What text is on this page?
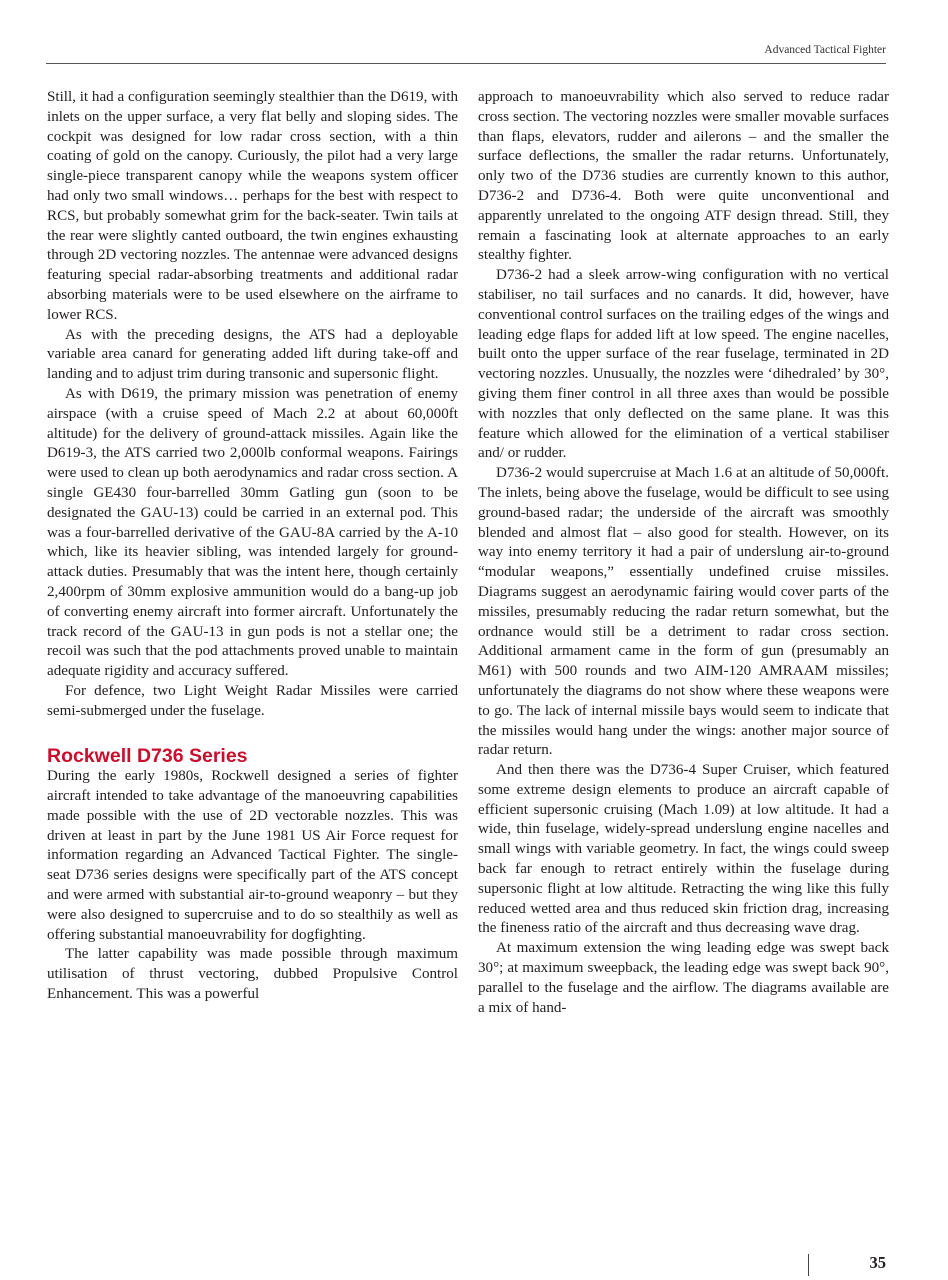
Advanced Tactical Fighter

Still, it had a configuration seemingly stealthier than the D619, with inlets on the upper surface, a very flat belly and sloping sides. The cockpit was designed for low radar cross section, with a thin coating of gold on the canopy. Curiously, the pilot had a very large single-piece transparent canopy while the weapons system officer had only two small windows… perhaps for the best with respect to RCS, but probably somewhat grim for the back-seater. Twin tails at the rear were slightly canted outboard, the twin engines exhausting through 2D vectoring nozzles. The antennae were advanced designs featuring special radar-absorbing treatments and additional radar absorbing materials were to be used elsewhere on the airframe to lower RCS.

As with the preceding designs, the ATS had a deployable variable area canard for generating added lift during take-off and landing and to adjust trim during transonic and supersonic flight.

As with D619, the primary mission was penetration of enemy airspace (with a cruise speed of Mach 2.2 at about 60,000ft altitude) for the delivery of ground-attack missiles. Again like the D619-3, the ATS carried two 2,000lb conformal weapons. Fairings were used to clean up both aerodynamics and radar cross section. A single GE430 four-barrelled 30mm Gatling gun (soon to be designated the GAU-13) could be carried in an external pod. This was a four-barrelled derivative of the GAU-8A carried by the A-10 which, like its heavier sibling, was intended largely for ground-attack duties. Presumably that was the intent here, though certainly 2,400rpm of 30mm explosive ammunition would do a bang-up job of converting enemy aircraft into former aircraft. Unfortunately the track record of the GAU-13 in gun pods is not a stellar one; the recoil was such that the pod attachments proved unable to maintain adequate rigidity and accuracy suffered.

For defence, two Light Weight Radar Missiles were carried semi-submerged under the fuselage.

Rockwell D736 Series

During the early 1980s, Rockwell designed a series of fighter aircraft intended to take advantage of the manoeuvring capabilities made possible with the use of 2D vectorable nozzles. This was driven at least in part by the June 1981 US Air Force request for information regarding an Advanced Tactical Fighter. The single-seat D736 series designs were specifically part of the ATS concept and were armed with substantial air-to-ground weaponry – but they were also designed to supercruise and to do so stealthily as well as offering substantial manoeuvrability for dogfighting.

The latter capability was made possible through maximum utilisation of thrust vectoring, dubbed Propulsive Control Enhancement. This was a powerful

approach to manoeuvrability which also served to reduce radar cross section. The vectoring nozzles were smaller movable surfaces than flaps, elevators, rudder and ailerons – and the smaller the surface deflections, the smaller the radar returns. Unfortunately, only two of the D736 studies are currently known to this author, D736-2 and D736-4. Both were quite unconventional and apparently unrelated to the ongoing ATF design thread. Still, they remain a fascinating look at alternate approaches to an early stealthy fighter.

D736-2 had a sleek arrow-wing configuration with no vertical stabiliser, no tail surfaces and no canards. It did, however, have conventional control surfaces on the trailing edges of the wings and leading edge flaps for added lift at low speed. The engine nacelles, built onto the upper surface of the rear fuselage, terminated in 2D vectoring nozzles. Unusually, the nozzles were ‘dihedraled’ by 30°, giving them finer control in all three axes than would be possible with nozzles that only deflected on the same plane. It was this feature which allowed for the elimination of a vertical stabiliser and/ or rudder.

D736-2 would supercruise at Mach 1.6 at an altitude of 50,000ft. The inlets, being above the fuselage, would be difficult to see using ground-based radar; the underside of the aircraft was smoothly blended and almost flat – also good for stealth. However, on its way into enemy territory it had a pair of underslung air-to-ground “modular weapons,” essentially undefined cruise missiles. Diagrams suggest an aerodynamic fairing would cover parts of the missiles, presumably reducing the radar return somewhat, but the ordnance would still be a detriment to radar cross section. Additional armament came in the form of gun (presumably an M61) with 500 rounds and two AIM-120 AMRAAM missiles; unfortunately the diagrams do not show where these weapons were to go. The lack of internal missile bays would seem to indicate that the missiles would hang under the wings: another major source of radar return.

And then there was the D736-4 Super Cruiser, which featured some extreme design elements to produce an aircraft capable of efficient supersonic cruising (Mach 1.09) at low altitude. It had a wide, thin fuselage, widely-spread underslung engine nacelles and small wings with variable geometry. In fact, the wings could sweep back far enough to retract entirely within the fuselage during supersonic flight at low altitude. Retracting the wing like this fully reduced wetted area and thus reduced skin friction drag, increasing the fineness ratio of the aircraft and thus decreasing wave drag.

At maximum extension the wing leading edge was swept back 30°; at maximum sweepback, the leading edge was swept back 90°, parallel to the fuselage and the airflow. The diagrams available are a mix of hand-

35
